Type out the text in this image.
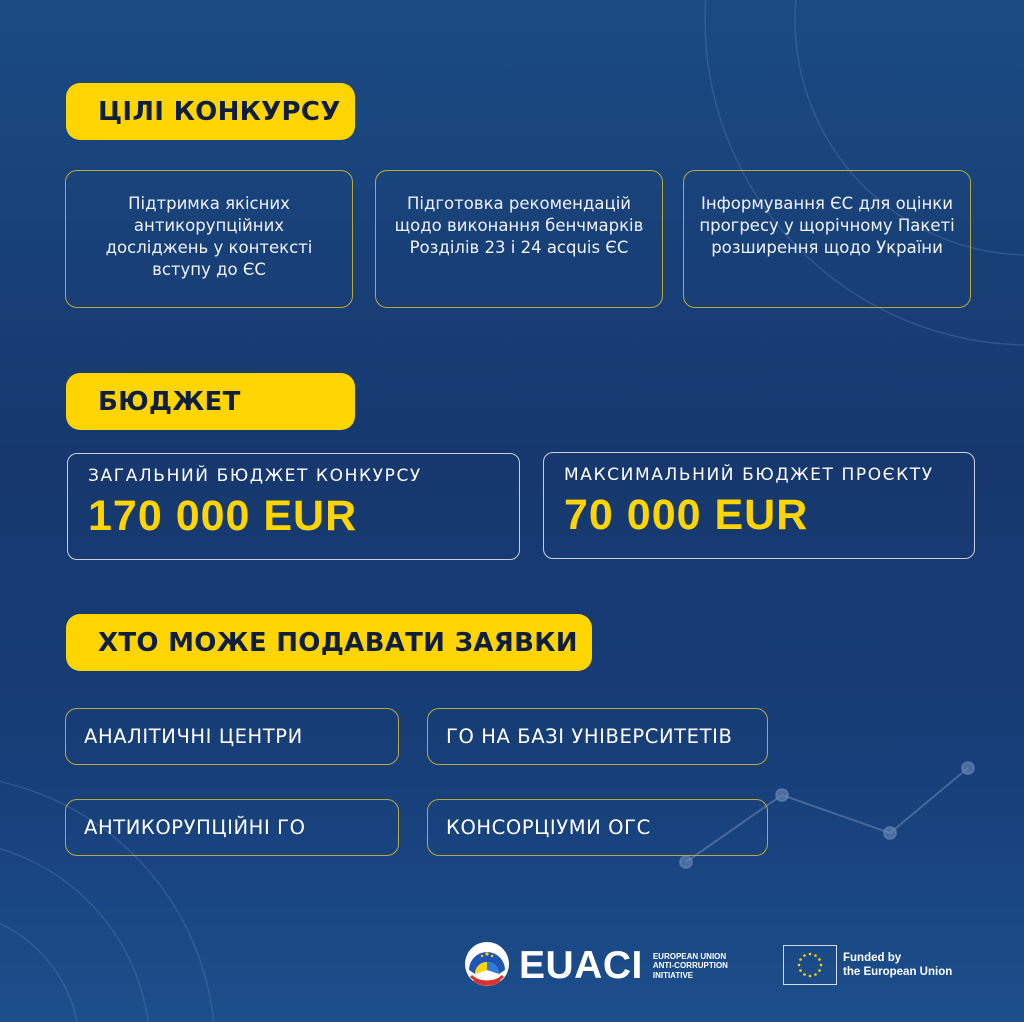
ЦІЛІ КОНКУРСУ
Підтримка якісних антикорупційних досліджень у контексті вступу до ЄС
Підготовка рекомендацій щодо виконання бенчмарків Розділів 23 і 24 acquis ЄС
Інформування ЄС для оцінки прогресу у щорічному Пакеті розширення щодо України
БЮДЖЕТ
ЗАГАЛЬНИЙ БЮДЖЕТ КОНКУРСУ
170 000 EUR
МАКСИМАЛЬНИЙ БЮДЖЕТ ПРОЄКТУ
70 000 EUR
ХТО МОЖЕ ПОДАВАТИ ЗАЯВКИ
АНАЛІТИЧНІ ЦЕНТРИ	ГО НА БАЗІ УНІВЕРСИТЕТІВ
АНТИКОРУПЦІЙНІ ГО	КОНСОРЦІУМИ ОГС
EUACI EUROPEAN UNION
ANTI-CORRUPTION
INITIATIVE
Funded by
the European Union
